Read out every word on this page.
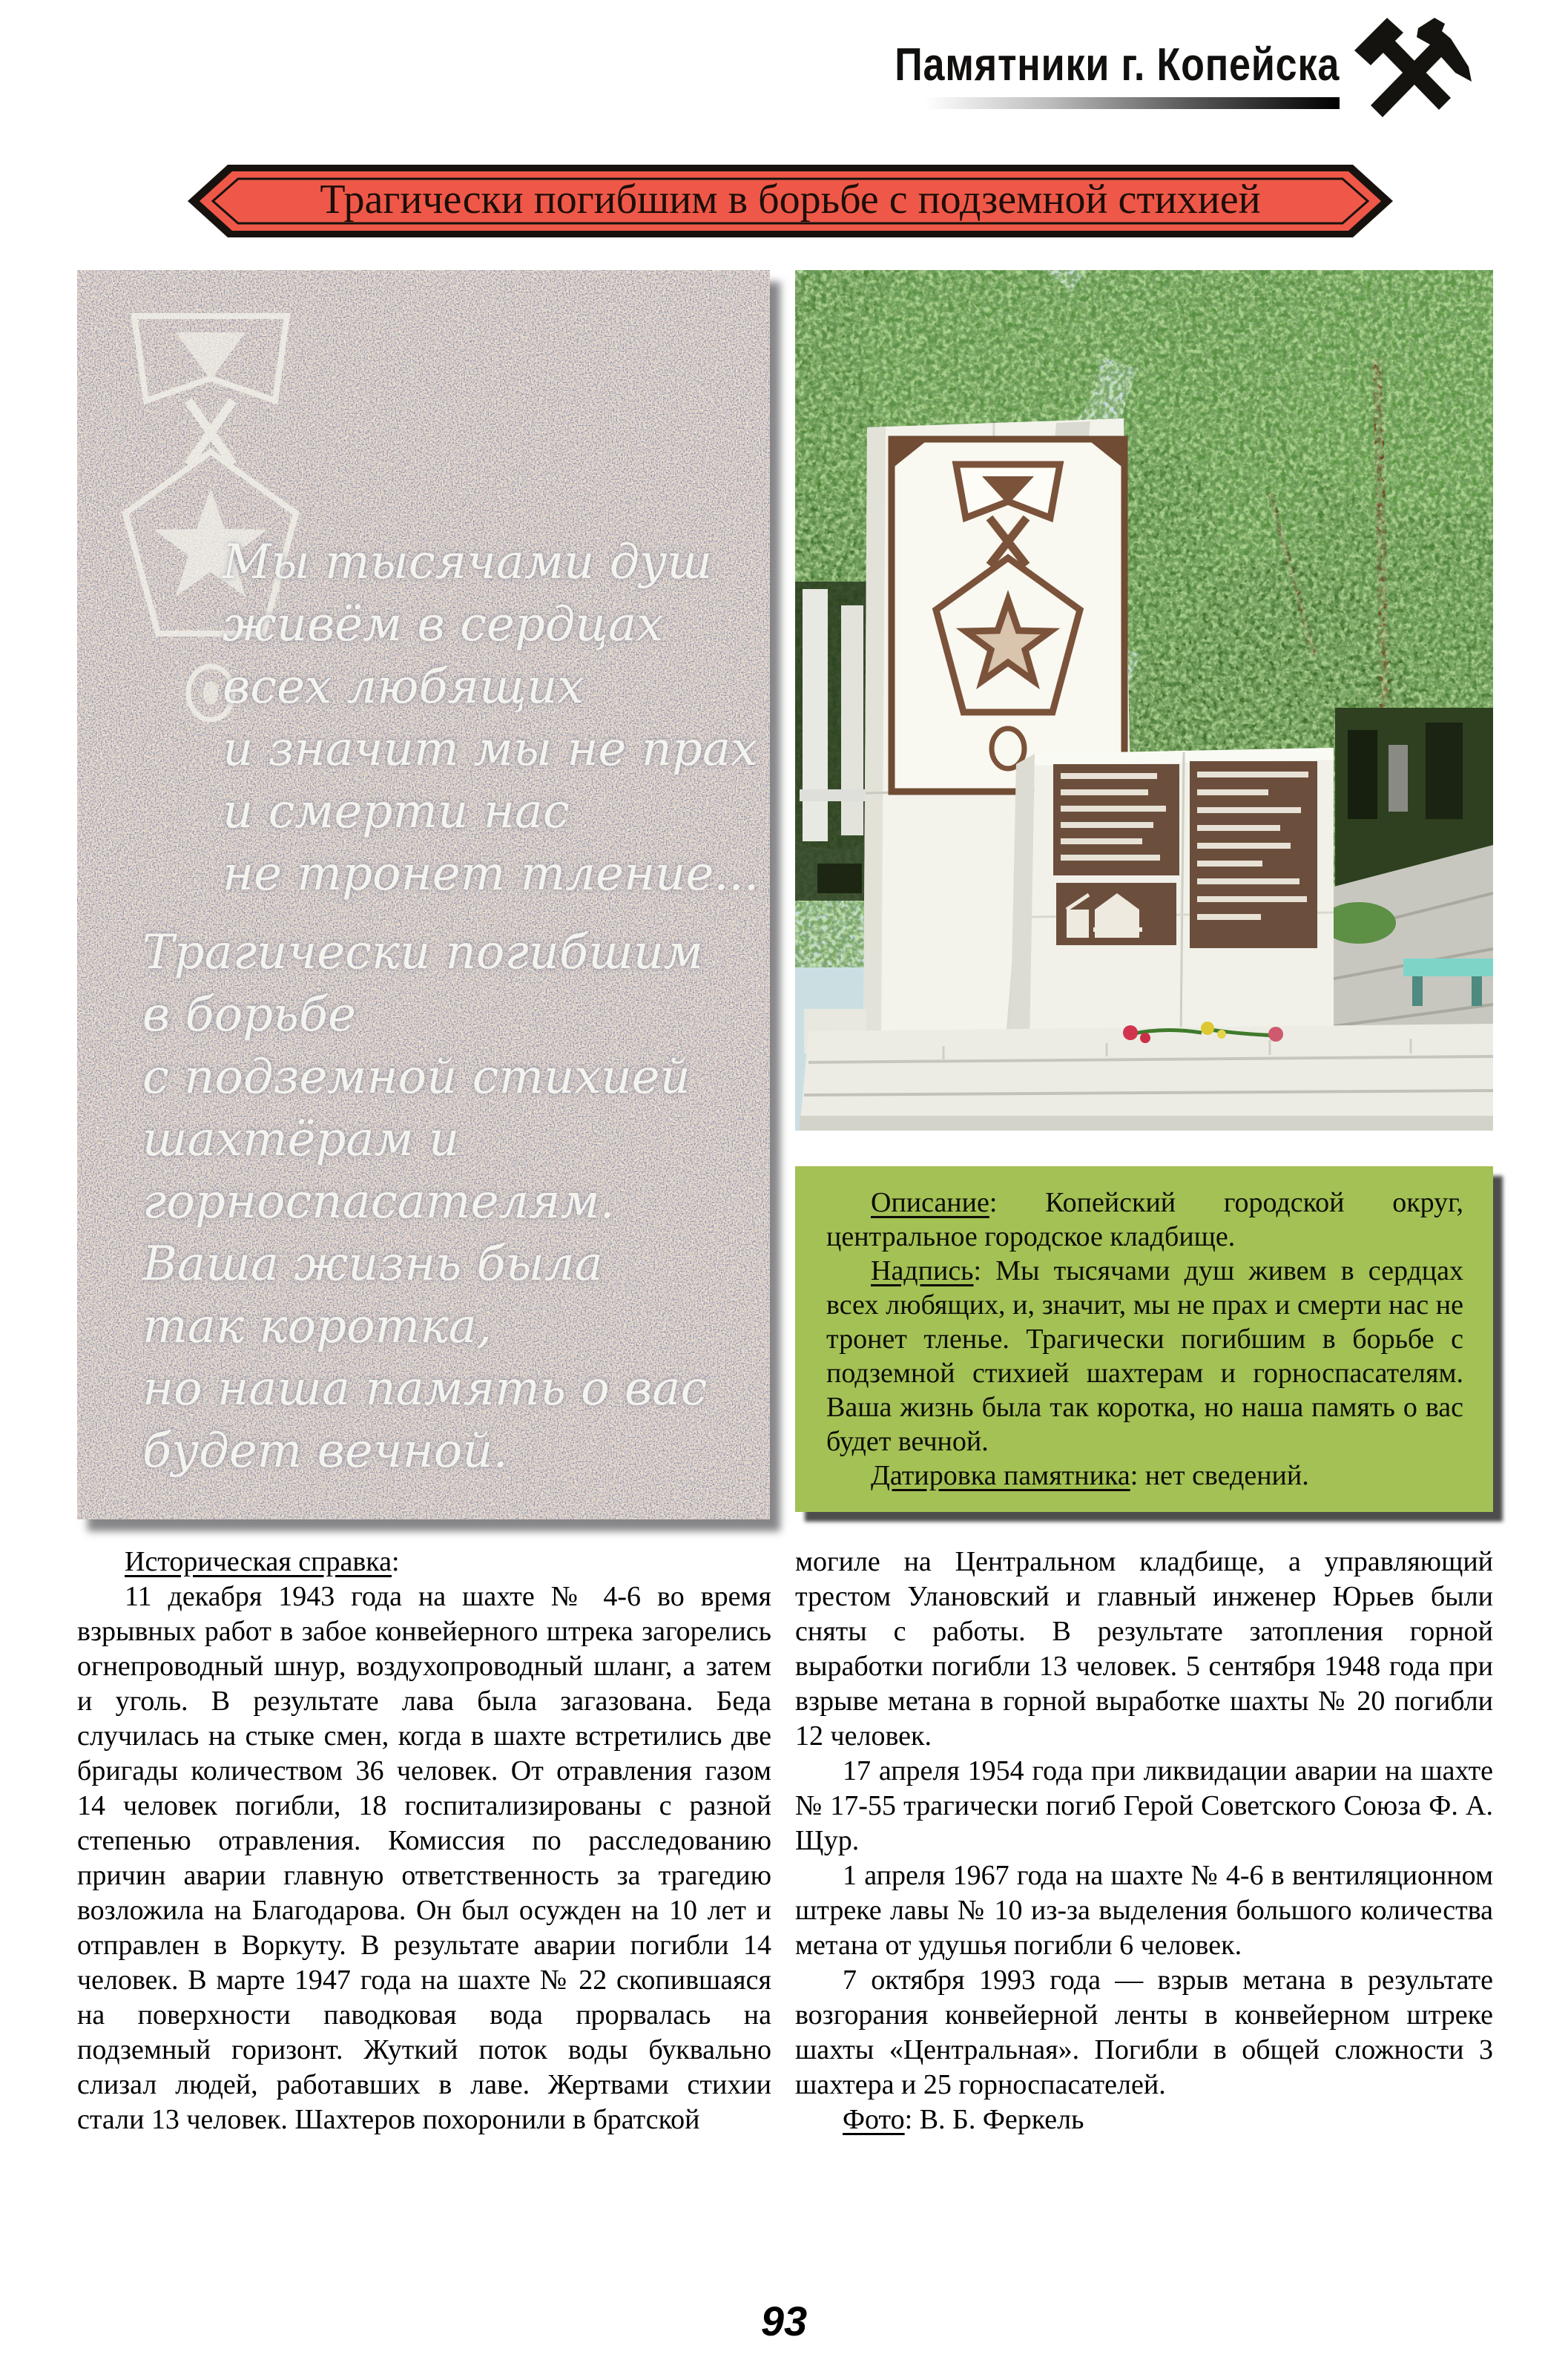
Памятники г. Копейска
Трагически погибшим в борьбе с подземной стихией
Мы тысячами душ
живём в сердцах
всех любящих
и значит мы не прах
и смерти нас
не тронет тление...
Трагически погибшим
в борьбе
с подземной стихией
шахтёрам и
горноспасателям.
Ваша жизнь была
так коротка,
но наша память о вас
будет вечной.

Описание: Копейский городской округ, центральное городское кладбище.

Надпись: Мы тысячами душ живем в сердцах всех любящих, и, значит, мы не прах и смерти нас не тронет тленье. Трагически погибшим в борьбе с подземной стихией шахтерам и горноспасателям. Ваша жизнь была так коротка, но наша память о вас будет вечной.

Датировка памятника: нет сведений.

Историческая справка:

11 декабря 1943 года на шахте № 4-6 во время взрывных работ в забое конвейерного штрека загорелись огнепроводный шнур, воздухопроводный шланг, а затем и уголь. В результате лава была загазована. Беда случилась на стыке смен, когда в шахте встретились две бригады количеством 36 человек. От отравления газом 14 человек погибли, 18 госпитализированы с разной степенью отравления. Комиссия по расследованию причин аварии главную ответственность за трагедию возложила на Благодарова. Он был осужден на 10 лет и отправлен в Воркуту. В результате аварии погибли 14 человек. В марте 1947 года на шахте № 22 скопившаяся на поверхности паводковая вода прорвалась на подземный горизонт. Жуткий поток воды буквально слизал людей, работавших в лаве. Жертвами стихии стали 13 человек. Шахтеров похоронили в братской

могиле на Центральном кладбище, а управляющий трестом Улановский и главный инженер Юрьев были сняты с работы. В результате затопления горной выработки погибли 13 человек. 5 сентября 1948 года при взрыве метана в горной выработке шахты № 20 погибли 12 человек.

17 апреля 1954 года при ликвидации аварии на шахте № 17-55 трагически погиб Герой Советского Союза Ф. А. Щур.

1 апреля 1967 года на шахте № 4-6 в вентиляционном штреке лавы № 10 из-за выделения большого количества метана от удушья погибли 6 человек.

7 октября 1993 года — взрыв метана в результате возгорания конвейерной ленты в конвейерном штреке шахты «Центральная». Погибли в общей сложности 3 шахтера и 25 горноспасателей.

Фото: В. Б. Феркель

93
